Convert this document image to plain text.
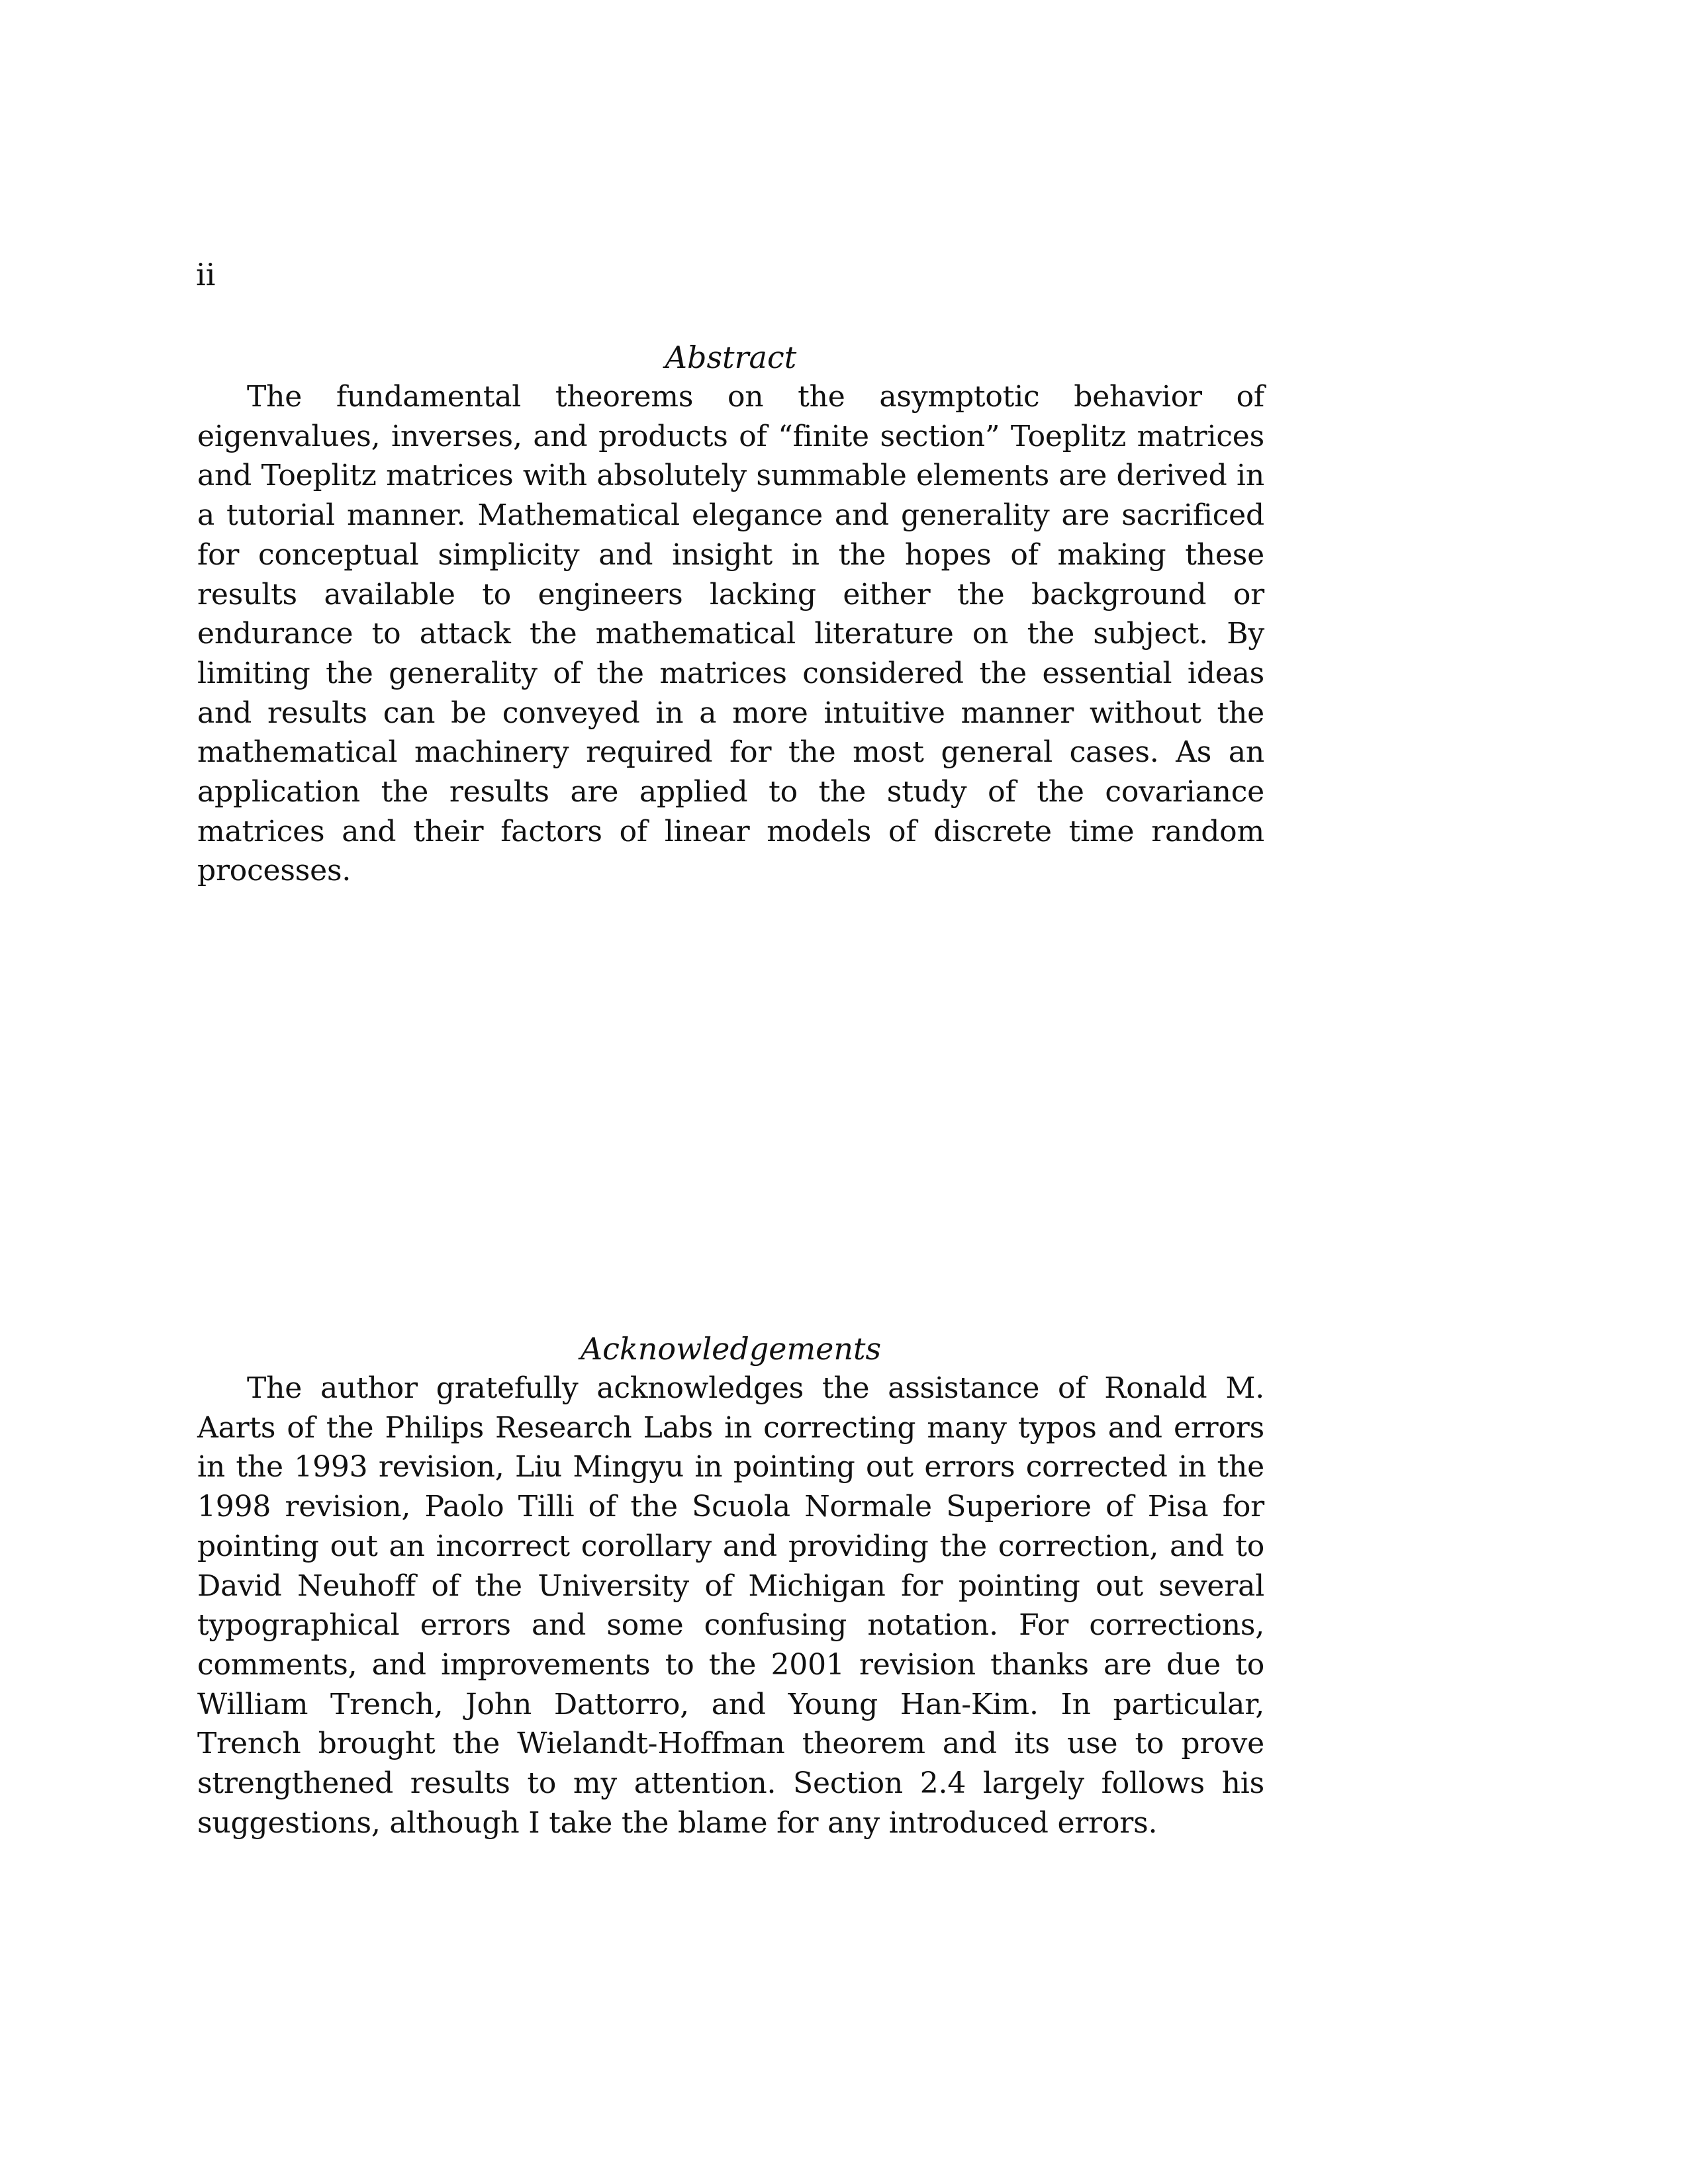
ii
Abstract

The fundamental theorems on the asymptotic behavior of eigenvalues, inverses, and products of “finite section” Toeplitz matrices and Toeplitz matrices with absolutely summable elements are derived in a tutorial manner. Mathematical elegance and generality are sacrificed for conceptual simplicity and insight in the hopes of making these results available to engineers lacking either the background or endurance to attack the mathematical literature on the subject. By limiting the generality of the matrices considered the essential ideas and results can be conveyed in a more intuitive manner without the mathematical machinery required for the most general cases. As an application the results are applied to the study of the covariance matrices and their factors of linear models of discrete time random processes.

Acknowledgements

The author gratefully acknowledges the assistance of Ronald M. Aarts of the Philips Research Labs in correcting many typos and errors in the 1993 revision, Liu Mingyu in pointing out errors corrected in the 1998 revision, Paolo Tilli of the Scuola Normale Superiore of Pisa for pointing out an incorrect corollary and providing the correction, and to David Neuhoff of the University of Michigan for pointing out several typographical errors and some confusing notation. For corrections, comments, and improvements to the 2001 revision thanks are due to William Trench, John Dattorro, and Young Han-Kim. In particular, Trench brought the Wielandt-Hoffman theorem and its use to prove strengthened results to my attention. Section 2.4 largely follows his suggestions, although I take the blame for any introduced errors.
